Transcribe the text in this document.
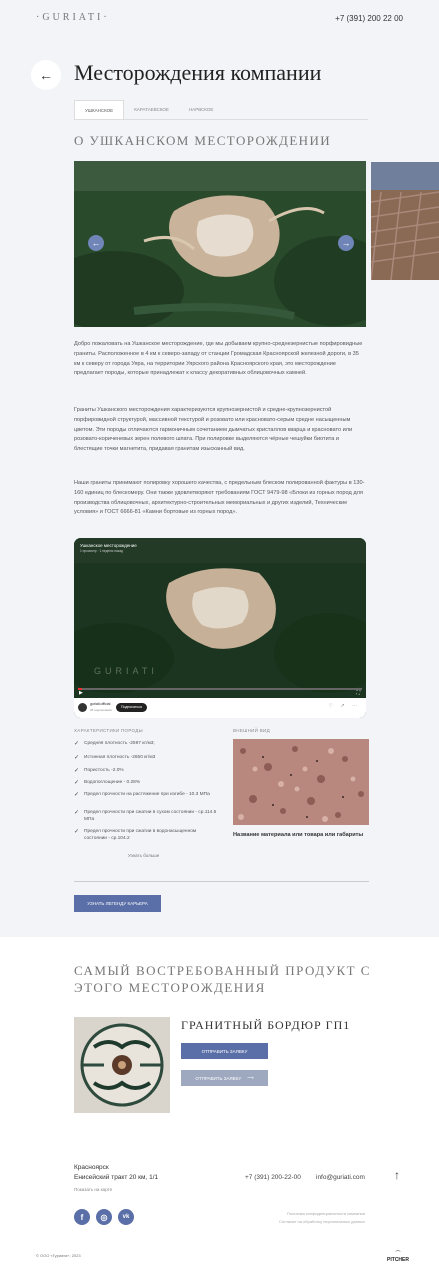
·GURIATI·	+7 (391) 200 22 00
← Месторождения компании
УШКАНСКОЕ	КАРАТАЕВСКОЕ	НАРВСКОЕ
О УШКАНСКОМ МЕСТОРОЖДЕНИИ
←	→

Добро пожаловать на Ушканское месторождение, где мы добываем крупно-среднезернистые порфировидные граниты. Расположенное в 4 км к северо-западу от станции Громадская Красноярской железной дороги, в 35 км к северу от города Уяра, на территории Уярского района Красноярского края, это месторождение предлагает породы, которые принадлежат к классу декоративных облицовочных камней.

Граниты Ушканского месторождения характеризуются крупнозернистой и средне-крупнозернистой порфировидной структурой, массивной текстурой и розовато или красновато-серым средне насыщенным цветом. Эти породы отличаются гармоничным сочетанием дымчатых кристаллов кварца и красновато или розовато-кориченевых зерен полевого шпата. При полировке выделяются чёрные чешуйки биотита и блестящие точки магнетита, придавая гранитам изысканный вид.

Наши граниты принимают полировку хорошего качества, с предельным блеском полированной фактуры в 130-160 единиц по блескомеру. Они также удовлетворяют требованиям ГОСТ 9479-98 «Блоки из горных пород для производства облицовочных, архитектурно-строительных мемориальных и других изделий, Технические условия» и ГОСТ 6666-81 «Камни бортовые из горных пород».

Ушканское месторождение
1 просмотр · 1 неделю назад
GURIATI
▶	⛶
guriati.official
36 подписчиков
Подписаться	♡ ↗ ⋯
ХАРАКТЕРИСТИКИ ПОРОДЫ
✓ Средняя плотность -2597 кг/м3;
✓ Истинная плотность -2650 кг/м3
✓ Пористость -2.0%
✓ Водопоглощение - 0.28%
✓ Предел прочности на растяжение при изгибе - 10.3 МПа
✓ Предел прочности при сжатии в сухом состоянии - ср.114.5 МПа
✓ Предел прочности при сжатии в водонасыщенном состоянии - ср.104.2
Узнать больше
ВНЕШНИЙ ВИД
Название материала или товара или габариты
УЗНАТЬ ЛЕГЕНДУ КАРЬЕРА
САМЫЙ ВОСТРЕБОВАННЫЙ ПРОДУКТ С ЭТОГО МЕСТОРОЖДЕНИЯ
ГРАНИТНЫЙ БОРДЮР ГП1
ОТПРАВИТЬ ЗАЯВКУ
ОТПРАВИТЬ ЗАЯВКУ ⟶
Красноярск
Енисейский тракт 20 км, 1/1
Показать на карте
+7 (391) 200-22-00 info@guriati.com ↑
f	◎	vk
Политика конфиденциальности компании
Согласие на обработку персональных данных
© ООО «Гуриати», 2023	⌒
PITCHER
